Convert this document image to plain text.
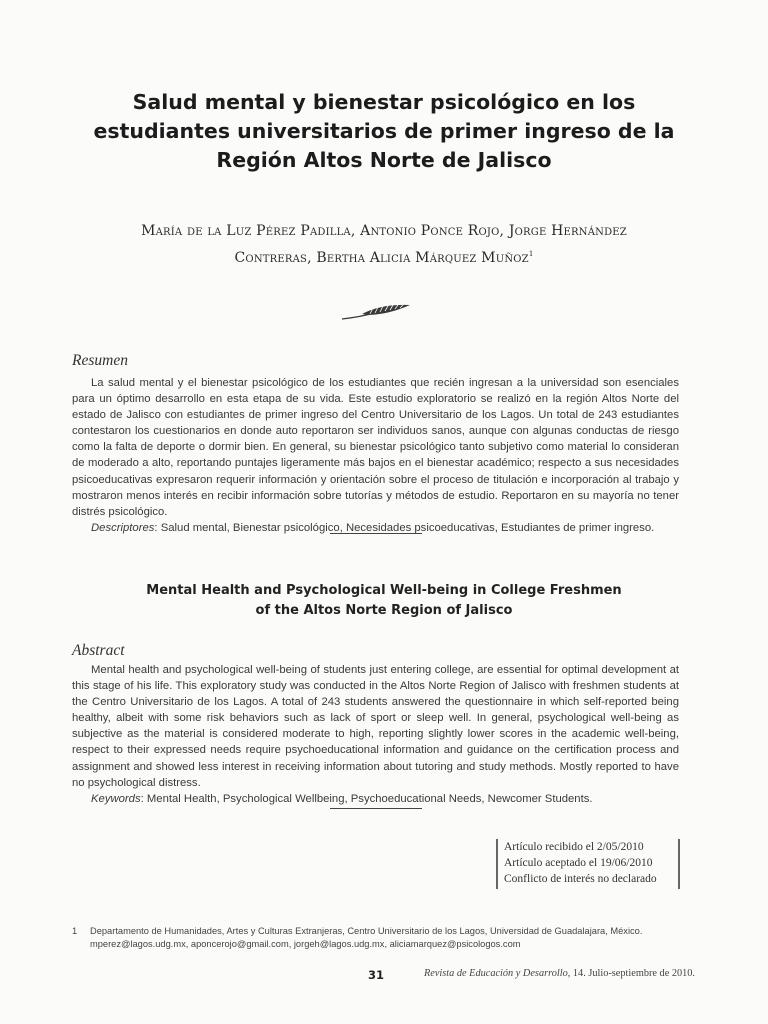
Salud mental y bienestar psicológico en los
estudiantes universitarios de primer ingreso de la
Región Altos Norte de Jalisco
María de la Luz Pérez Padilla, Antonio Ponce Rojo, Jorge Hernández
Contreras, Bertha Alicia Márquez Muñoz$^1$
Resumen

La salud mental y el bienestar psicológico de los estudiantes que recién ingresan a la universidad son esenciales para un óptimo desarrollo en esta etapa de su vida. Este estudio exploratorio se realizó en la región Altos Norte del estado de Jalisco con estudiantes de primer ingreso del Centro Universitario de los Lagos. Un total de 243 estudiantes contestaron los cuestionarios en donde auto reportaron ser individuos sanos, aunque con algunas conductas de riesgo como la falta de deporte o dormir bien. En general, su bienestar psicológico tanto subjetivo como material lo consideran de moderado a alto, reportando puntajes ligeramente más bajos en el bienestar académico; respecto a sus necesidades psicoeducativas expresaron requerir información y orientación sobre el proceso de titulación e incorporación al trabajo y mostraron menos interés en recibir información sobre tutorías y métodos de estudio. Reportaron en su mayoría no tener distrés psicológico.

Descriptores: Salud mental, Bienestar psicológico, Necesidades psicoeducativas, Estudiantes de primer ingreso.

Mental Health and Psychological Well-being in College Freshmen
of the Altos Norte Region of Jalisco
Abstract

Mental health and psychological well-being of students just entering college, are essential for optimal development at this stage of his life. This exploratory study was conducted in the Altos Norte Region of Jalisco with freshmen students at the Centro Universitario de los Lagos. A total of 243 students answered the questionnaire in which self-reported being healthy, albeit with some risk behaviors such as lack of sport or sleep well. In general, psychological well-being as subjective as the material is considered moderate to high, reporting slightly lower scores in the academic well-being, respect to their expressed needs require psychoeducational information and guidance on the certification process and assignment and showed less interest in receiving information about tutoring and study methods. Mostly reported to have no psychological distress.

Keywords: Mental Health, Psychological Wellbeing, Psychoeducational Needs, Newcomer Students.

Artículo recibido el 2/05/2010
Artículo aceptado el 19/06/2010
Conflicto de interés no declarado
1 Departamento de Humanidades, Artes y Culturas Extranjeras, Centro Universitario de los Lagos, Universidad de Guadalajara, México.
mperez@lagos.udg.mx, aponcerojo@gmail.com, jorgeh@lagos.udg.mx, aliciamarquez@psicologos.com
31	Revista de Educación y Desarrollo, 14. Julio-septiembre de 2010.
